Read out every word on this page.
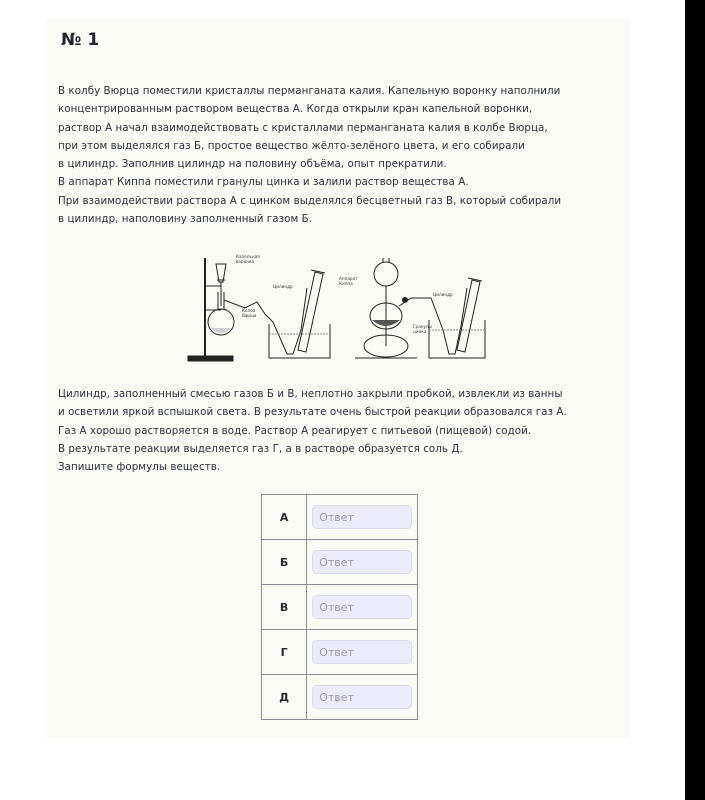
№ 1
В колбу Вюрца поместили кристаллы перманганата калия. Капельную воронку наполнили
концентрированным раствором вещества А. Когда открыли кран капельной воронки,
раствор А начал взаимодействовать с кристаллами перманганата калия в колбе Вюрца,
при этом выделялся газ Б, простое вещество жёлто-зелёного цвета, и его собирали
в цилиндр. Заполнив цилиндр на половину объёма, опыт прекратили.
В аппарат Киппа поместили гранулы цинка и залили раствор вещества А.
При взаимодействии раствора А с цинком выделялся бесцветный газ В, который собирали
в цилиндр, наполовину заполненный газом Б.
Капельная
воронка
Колба
Вюрца
Цилиндр
Аппарат
Киппа
Гранулы
цинка
Цилиндр
Цилиндр, заполненный смесью газов Б и В, неплотно закрыли пробкой, извлекли из ванны
и осветили яркой вспышкой света. В результате очень быстрой реакции образовался газ А.
Газ А хорошо растворяется в воде. Раствор А реагирует с питьевой (пищевой) содой.
В результате реакции выделяется газ Г, а в растворе образуется соль Д.
Запишите формулы веществ.
А	Ответ
Б	Ответ
В	Ответ
Г	Ответ
Д	Ответ
